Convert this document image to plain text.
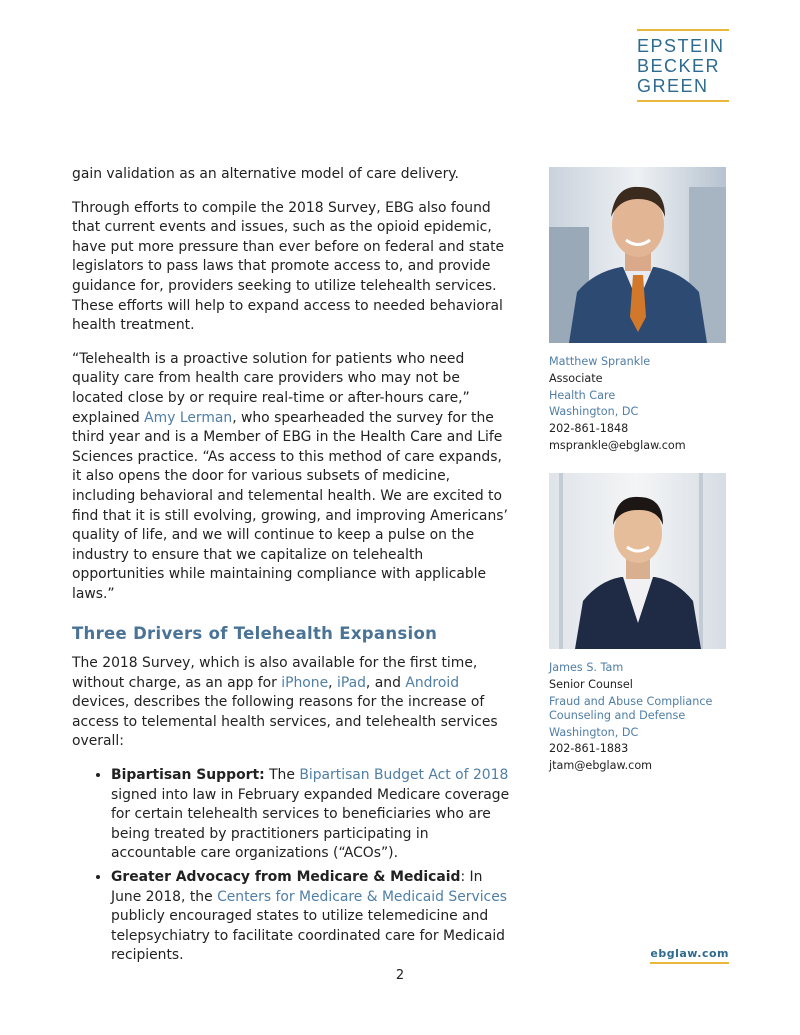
EPSTEIN
BECKER
GREEN

gain validation as an alternative model of care delivery.

Through efforts to compile the 2018 Survey, EBG also found that current events and issues, such as the opioid epidemic, have put more pressure than ever before on federal and state legislators to pass laws that promote access to, and provide guidance for, providers seeking to utilize telehealth services. These efforts will help to expand access to needed behavioral health treatment.

“Telehealth is a proactive solution for patients who need quality care from health care providers who may not be located close by or require real-time or after-hours care,” explained Amy Lerman, who spearheaded the survey for the third year and is a Member of EBG in the Health Care and Life Sciences practice. “As access to this method of care expands, it also opens the door for various subsets of medicine, including behavioral and telemental health. We are excited to find that it is still evolving, growing, and improving Americans’ quality of life, and we will continue to keep a pulse on the industry to ensure that we capitalize on telehealth opportunities while maintaining compliance with applicable laws.”

Three Drivers of Telehealth Expansion

The 2018 Survey, which is also available for the first time, without charge, as an app for iPhone, iPad, and Android devices, describes the following reasons for the increase of access to telemental health services, and telehealth services overall:

• Bipartisan Support: The Bipartisan Budget Act of 2018 signed into law in February expanded Medicare coverage for certain telehealth services to beneficiaries who are being treated by practitioners participating in accountable care organizations (“ACOs”).
• Greater Advocacy from Medicare & Medicaid: In June 2018, the Centers for Medicare & Medicaid Services publicly encouraged states to utilize telemedicine and telepsychiatry to facilitate coordinated care for Medicaid recipients.
Matthew Sprankle
Associate
Health Care
Washington, DC
202-861-1848
msprankle@ebglaw.com
James S. Tam
Senior Counsel
Fraud and Abuse Compliance Counseling and Defense
Washington, DC
202-861-1883
jtam@ebglaw.com
ebglaw.com
2
